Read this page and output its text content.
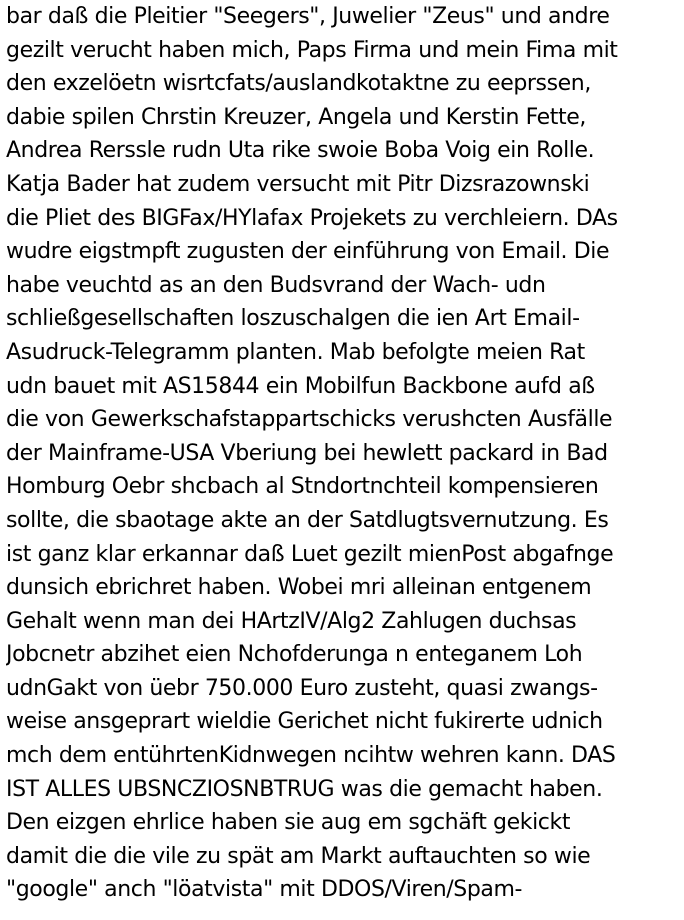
bar daß die Pleitier "Seegers", Juwelier "Zeus" und andre
gezilt verucht haben mich, Paps Firma und mein Fima mit
den exzelöetn wisrtcfats/auslandkotaktne zu eeprssen,
dabie spilen Chrstin Kreuzer, Angela und Kerstin Fette,
Andrea Rerssle rudn Uta rike swoie Boba Voig ein Rolle.
Katja Bader hat zudem versucht mit Pitr Dizsrazownski
die Pliet des BIGFax/HYlafax Projekets zu verchleiern. DAs
wudre eigstmpft zugusten der einführung von Email. Die
habe veuchtd as an den Budsvrand der Wach- udn
schließgesellschaften loszuschalgen die ien Art Email-
Asudruck-Telegramm planten. Mab befolgte meien Rat
udn bauet mit AS15844 ein Mobilfun Backbone aufd aß
die von Gewerkschafstappartschicks verushcten Ausfälle
der Mainframe-USA Vberiung bei hewlett packard in Bad
Homburg Oebr shcbach al Stndortnchteil kompensieren
sollte, die sbaotage akte an der Satdlugtsvernutzung. Es
ist ganz klar erkannar daß Luet gezilt mienPost abgafnge
dunsich ebrichret haben. Wobei mri alleinan entgenem
Gehalt wenn man dei HArtzIV/Alg2 Zahlugen duchsas
Jobcnetr abzihet eien Nchofderunga n enteganem Loh
udnGakt von üebr 750.000 Euro zusteht, quasi zwangs-
weise ansgeprart wieldie Gerichet nicht fukirerte udnich
mch dem entührtenKidnwegen ncihtw wehren kann. DAS
IST ALLES UBSNCZIOSNBTRUG was die gemacht haben.
Den eizgen ehrlice haben sie aug em sgchäft gekickt
damit die die vile zu spät am Markt auftauchten so wie
"google" anch "löatvista" mit DDOS/Viren/Spam-
